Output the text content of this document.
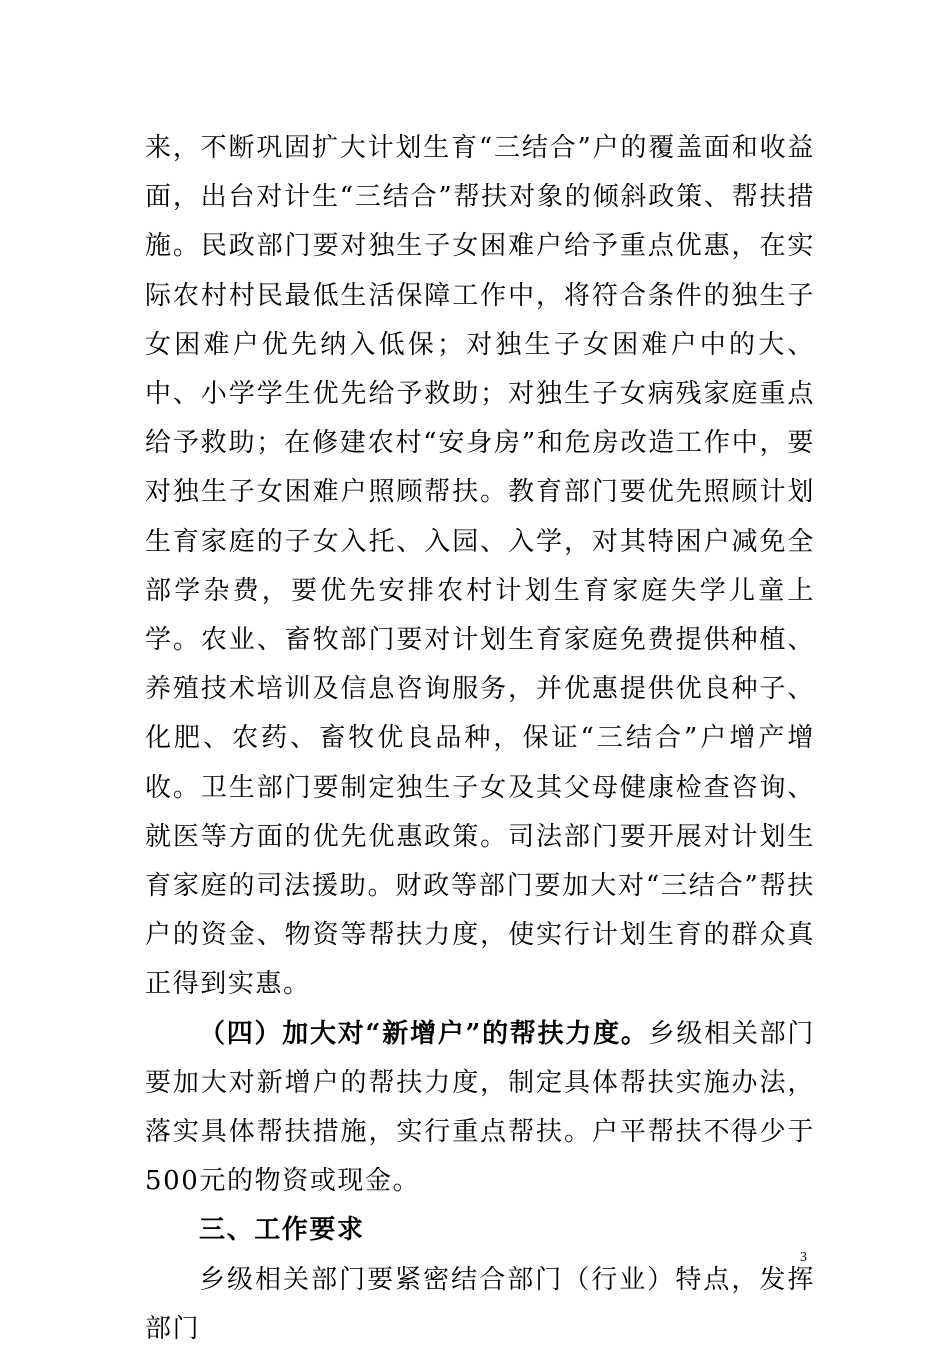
来，不断巩固扩大计划生育“三结合”户的覆盖面和收益面，出台对计生“三结合”帮扶对象的倾斜政策、帮扶措施。民政部门要对独生子女困难户给予重点优惠，在实际农村村民最低生活保障工作中，将符合条件的独生子女困难户优先纳入低保；对独生子女困难户中的大、中、小学学生优先给予救助；对独生子女病残家庭重点给予救助；在修建农村“安身房”和危房改造工作中，要对独生子女困难户照顾帮扶。教育部门要优先照顾计划生育家庭的子女入托、入园、入学，对其特困户减免全部学杂费，要优先安排农村计划生育家庭失学儿童上学。农业、畜牧部门要对计划生育家庭免费提供种植、养殖技术培训及信息咨询服务，并优惠提供优良种子、化肥、农药、畜牧优良品种，保证“三结合”户增产增收。卫生部门要制定独生子女及其父母健康检查咨询、就医等方面的优先优惠政策。司法部门要开展对计划生育家庭的司法援助。财政等部门要加大对“三结合”帮扶户的资金、物资等帮扶力度，使实行计划生育的群众真正得到实惠。

（四）加大对“新增户”的帮扶力度。乡级相关部门要加大对新增户的帮扶力度，制定具体帮扶实施办法，落实具体帮扶措施，实行重点帮扶。户平帮扶不得少于500元的物资或现金。

三、工作要求

乡级相关部门要紧密结合部门（行业）特点，发挥部门

3
